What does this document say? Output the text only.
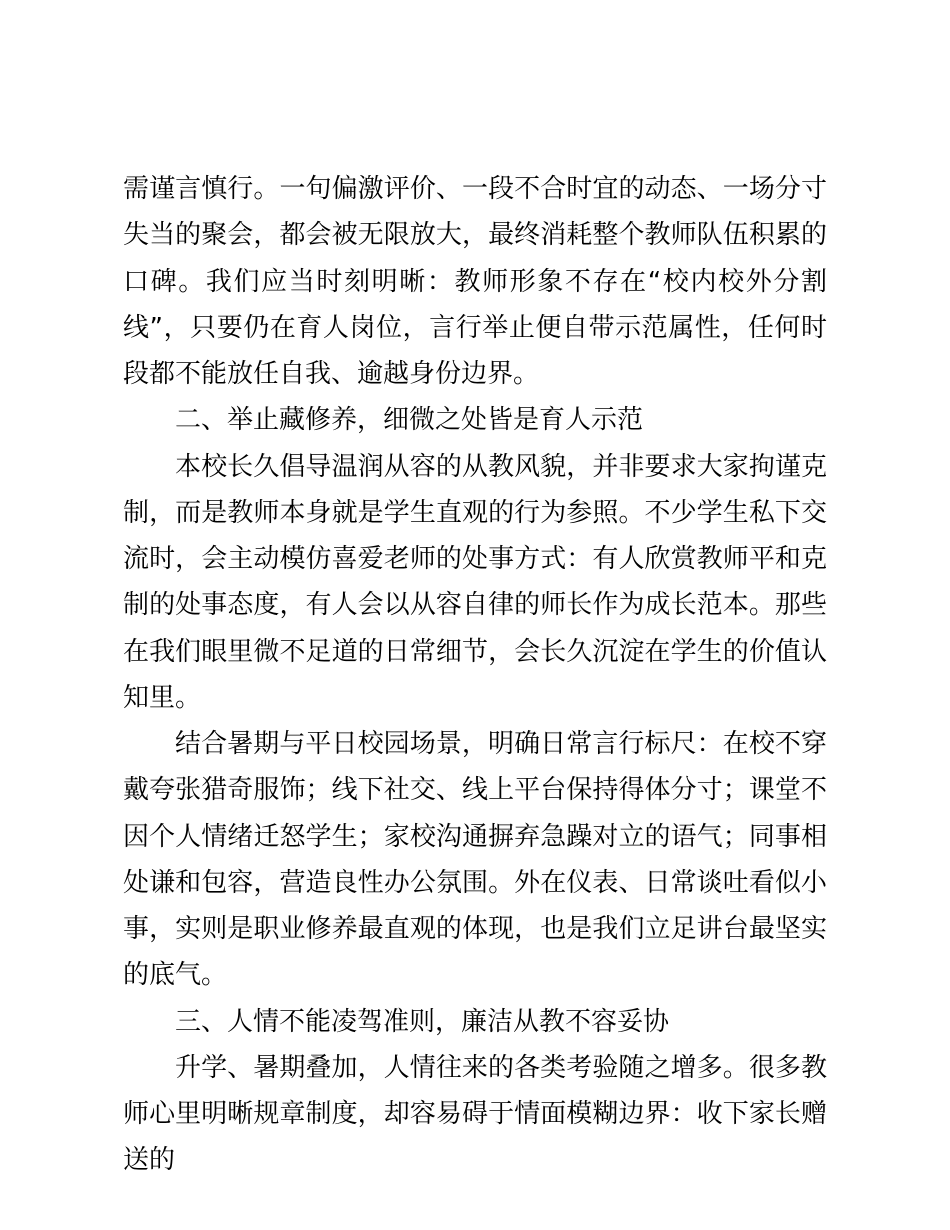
需谨言慎行。一句偏激评价、一段不合时宜的动态、一场分寸失当的聚会，都会被无限放大，最终消耗整个教师队伍积累的口碑。我们应当时刻明晰：教师形象不存在“校内校外分割线”，只要仍在育人岗位，言行举止便自带示范属性，任何时段都不能放任自我、逾越身份边界。

二、举止藏修养，细微之处皆是育人示范

本校长久倡导温润从容的从教风貌，并非要求大家拘谨克制，而是教师本身就是学生直观的行为参照。不少学生私下交流时，会主动模仿喜爱老师的处事方式：有人欣赏教师平和克制的处事态度，有人会以从容自律的师长作为成长范本。那些在我们眼里微不足道的日常细节，会长久沉淀在学生的价值认知里。

结合暑期与平日校园场景，明确日常言行标尺：在校不穿戴夸张猎奇服饰；线下社交、线上平台保持得体分寸；课堂不因个人情绪迁怒学生；家校沟通摒弃急躁对立的语气；同事相处谦和包容，营造良性办公氛围。外在仪表、日常谈吐看似小事，实则是职业修养最直观的体现，也是我们立足讲台最坚实的底气。

三、人情不能凌驾准则，廉洁从教不容妥协

升学、暑期叠加，人情往来的各类考验随之增多。很多教师心里明晰规章制度，却容易碍于情面模糊边界：收下家长赠送的
